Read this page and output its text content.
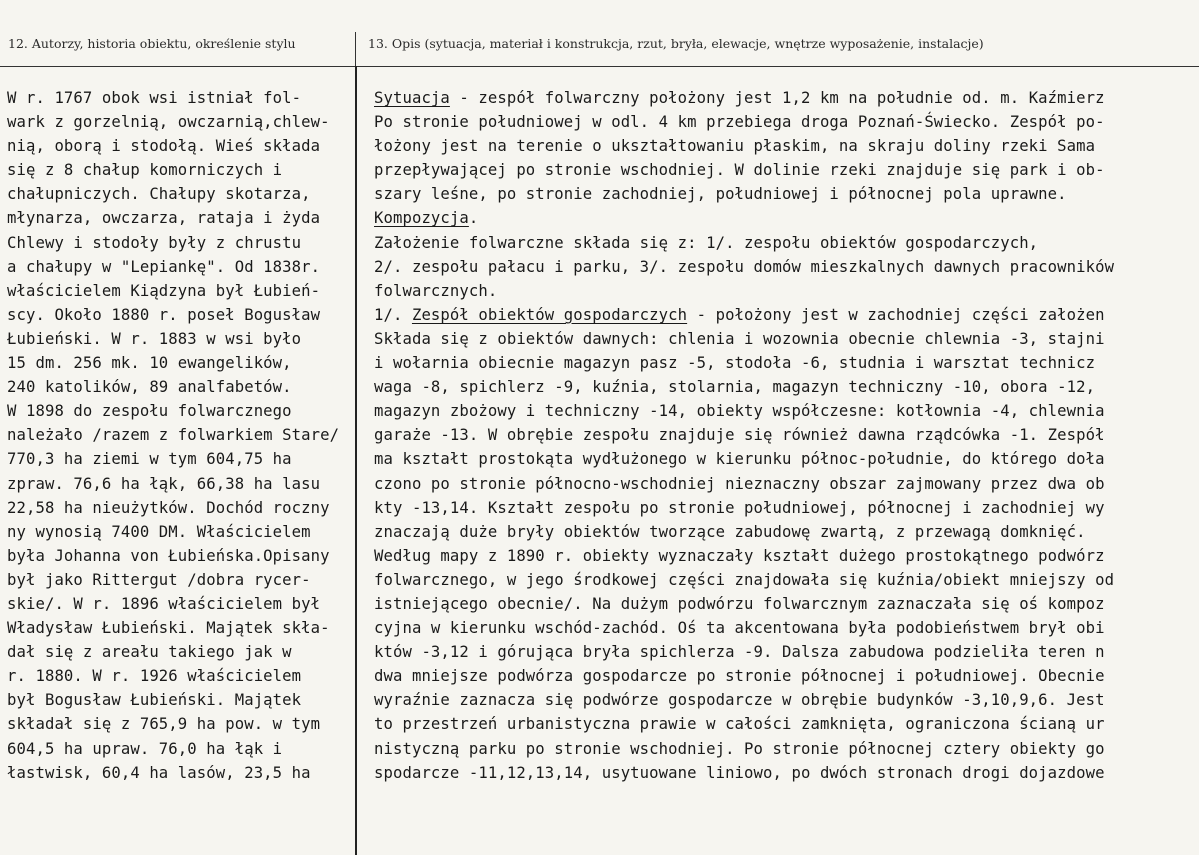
12. Autorzy, historia obiektu, określenie stylu	13. Opis (sytuacja, materiał i konstrukcja, rzut, bryła, elewacje, wnętrze wyposażenie, instalacje)
W r. 1767 obok wsi istniał fol-
wark z gorzelnią, owczarnią,chlew-
nią, oborą i stodołą. Wieś składa
się z 8 chałup komorniczych i
chałupniczych. Chałupy skotarza,
młynarza, owczarza, rataja i żyda
Chlewy i stodoły były z chrustu
a chałupy w "Lepiankę". Od 1838r.
właścicielem Kiądzyna był Łubień-
scy. Około 1880 r. poseł Bogusław
Łubieński. W r. 1883 w wsi było
15 dm. 256 mk. 10 ewangelików,
240 katolików, 89 analfabetów.
W 1898 do zespołu folwarcznego
należało /razem z folwarkiem Stare/
770,3 ha ziemi w tym 604,75 ha
zpraw. 76,6 ha łąk, 66,38 ha lasu
22,58 ha nieużytków. Dochód roczny
ny wynosią 7400 DM. Właścicielem
była Johanna von Łubieńska.Opisany
był jako Rittergut /dobra rycer-
skie/. W r. 1896 właścicielem był
Władysław Łubieński. Majątek skła-
dał się z areału takiego jak w
r. 1880. W r. 1926 właścicielem
był Bogusław Łubieński. Majątek
składał się z 765,9 ha pow. w tym
604,5 ha upraw. 76,0 ha łąk i
łastwisk, 60,4 ha lasów, 23,5 ha
Sytuacja - zespół folwarczny położony jest 1,2 km na południe od. m. Kaźmierz
Po stronie południowej w odl. 4 km przebiega droga Poznań-Świecko. Zespół po-
łożony jest na terenie o ukształtowaniu płaskim, na skraju doliny rzeki Sama
przepływającej po stronie wschodniej. W dolinie rzeki znajduje się park i ob-
szary leśne, po stronie zachodniej, południowej i północnej pola uprawne.
Kompozycja.
Założenie folwarczne składa się z: 1/. zespołu obiektów gospodarczych,
2/. zespołu pałacu i parku, 3/. zespołu domów mieszkalnych dawnych pracowników
folwarcznych.
1/. Zespół obiektów gospodarczych - położony jest w zachodniej części założen
Składa się z obiektów dawnych: chlenia i wozownia obecnie chlewnia -3, stajni
i wołarnia obiecnie magazyn pasz -5, stodoła -6, studnia i warsztat technicz
waga -8, spichlerz -9, kuźnia, stolarnia, magazyn techniczny -10, obora -12,
magazyn zbożowy i techniczny -14, obiekty współczesne: kotłownia -4, chlewnia
garaże -13. W obrębie zespołu znajduje się również dawna rządcówka -1. Zespół
ma kształt prostokąta wydłużonego w kierunku północ-południe, do którego doła
czono po stronie północno-wschodniej nieznaczny obszar zajmowany przez dwa ob
kty -13,14. Kształt zespołu po stronie południowej, północnej i zachodniej wy
znaczają duże bryły obiektów tworzące zabudowę zwartą, z przewagą domknięć.
Według mapy z 1890 r. obiekty wyznaczały kształt dużego prostokątnego podwórz
folwarcznego, w jego środkowej części znajdowała się kuźnia/obiekt mniejszy od
istniejącego obecnie/. Na dużym podwórzu folwarcznym zaznaczała się oś kompoz
cyjna w kierunku wschód-zachód. Oś ta akcentowana była podobieństwem brył obi
któw -3,12 i górująca bryła spichlerza -9. Dalsza zabudowa podzieliła teren n
dwa mniejsze podwórza gospodarcze po stronie północnej i południowej. Obecnie
wyraźnie zaznacza się podwórze gospodarcze w obrębie budynków -3,10,9,6. Jest
to przestrzeń urbanistyczna prawie w całości zamknięta, ograniczona ścianą ur
nistyczną parku po stronie wschodniej. Po stronie północnej cztery obiekty go
spodarcze -11,12,13,14, usytuowane liniowo, po dwóch stronach drogi dojazdowe
